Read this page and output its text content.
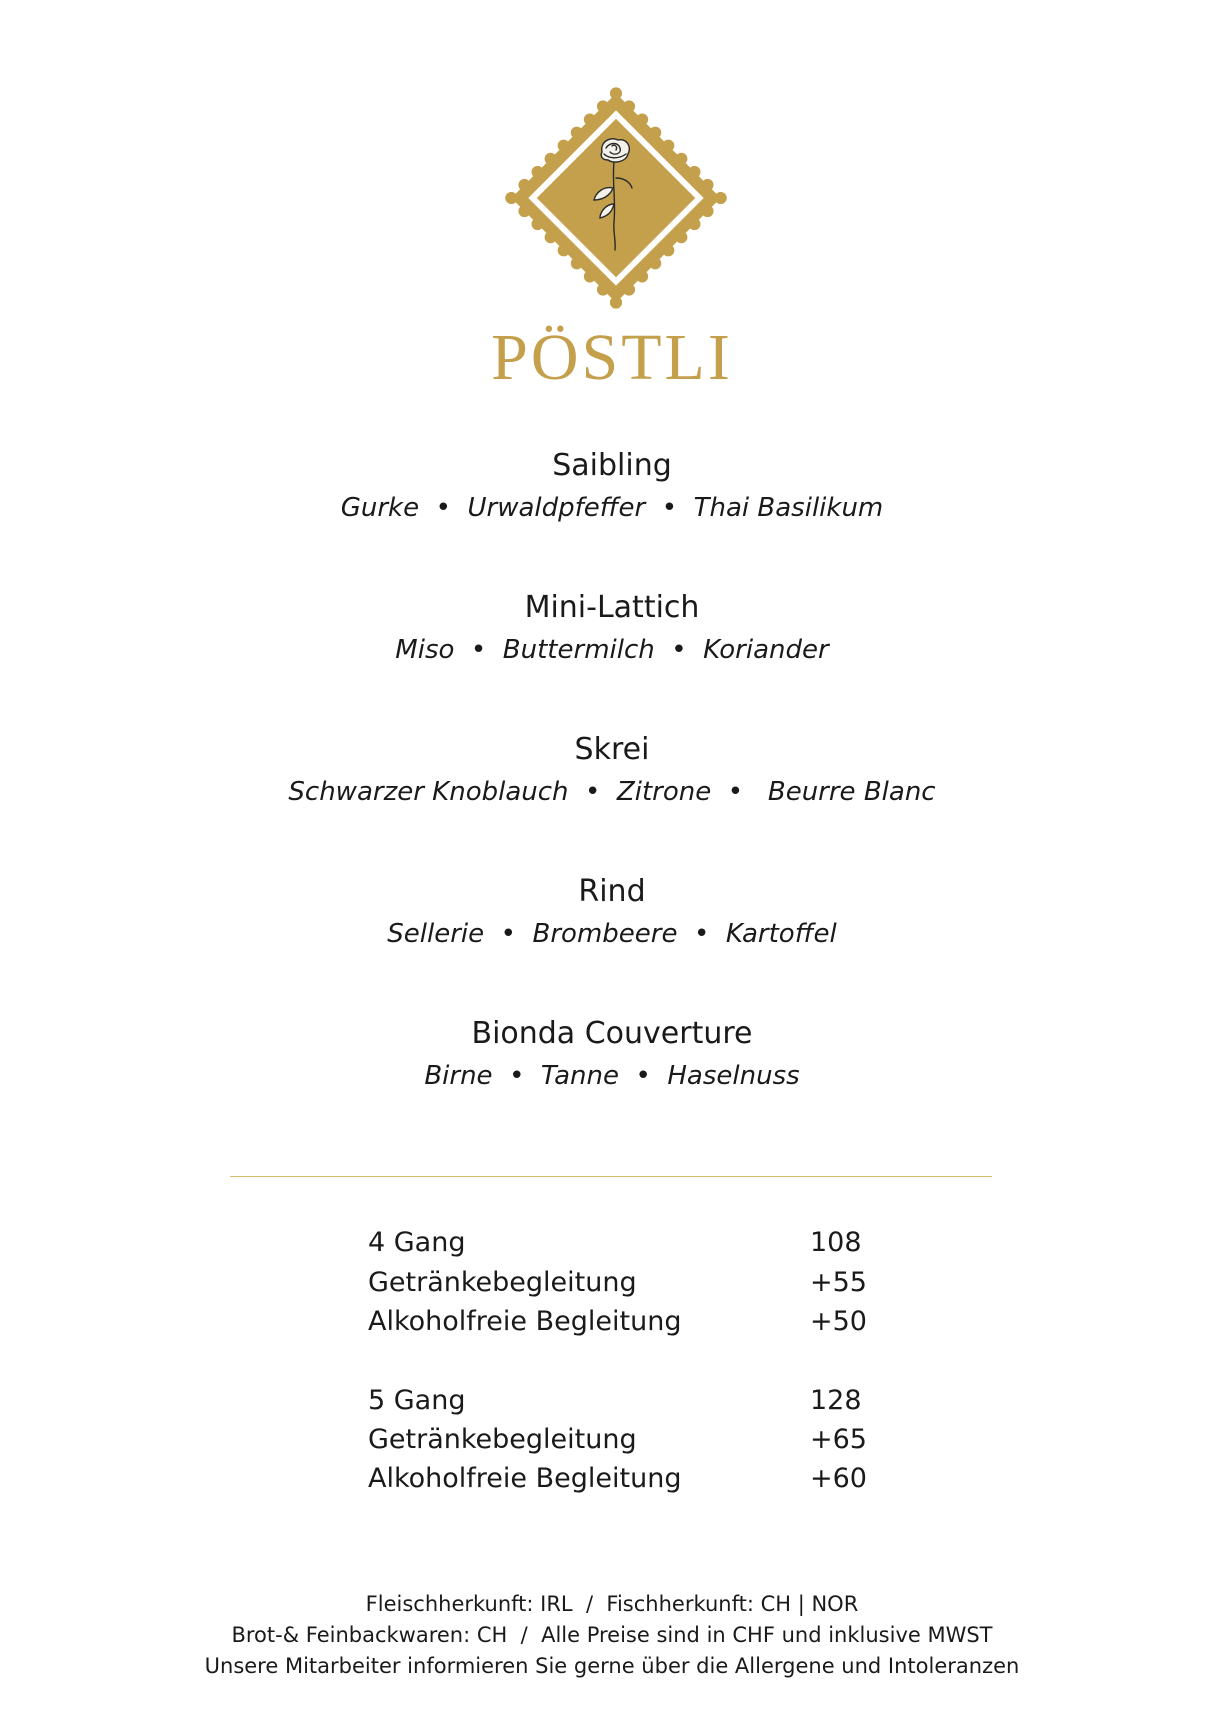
PÖSTLI
Saibling
Gurke  •  Urwaldpfeffer  •  Thai Basilikum
Mini-Lattich
Miso  •  Buttermilch  •  Koriander
Skrei
Schwarzer Knoblauch  •  Zitrone  •   Beurre Blanc
Rind
Sellerie  •  Brombeere  •  Kartoffel
Bionda Couverture
Birne  •  Tanne  •  Haselnuss
4 Gang	108
Getränkebegleitung	+55
Alkoholfreie Begleitung	+50
5 Gang	128
Getränkebegleitung	+65
Alkoholfreie Begleitung	+60
Fleischherkunft: IRL  /  Fischherkunft: CH | NOR
Brot-& Feinbackwaren: CH  /  Alle Preise sind in CHF und inklusive MWST
Unsere Mitarbeiter informieren Sie gerne über die Allergene und Intoleranzen
